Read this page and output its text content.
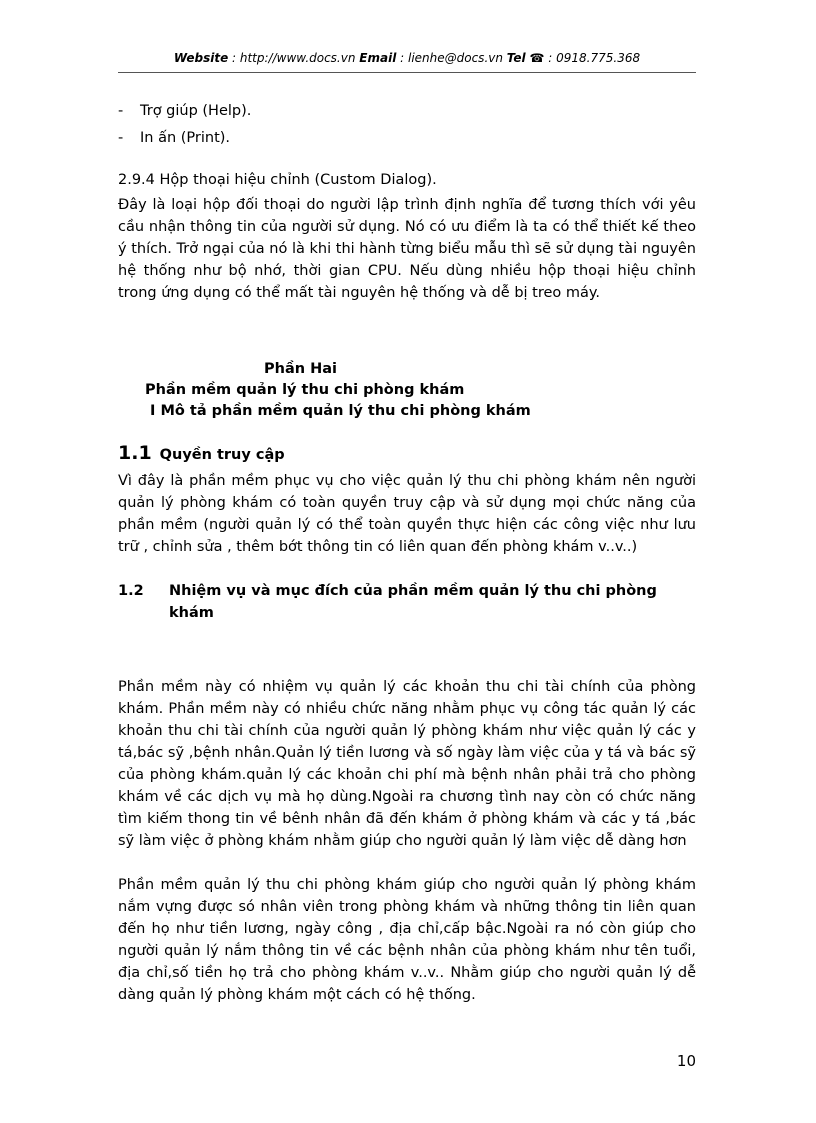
Website : http://www.docs.vn Email : lienhe@docs.vn Tel ☎ : 0918.775.368
-	Trợ giúp (Help).
-	In ấn (Print).

2.9.4 Hộp thoại hiệu chỉnh (Custom Dialog).

Đây là loại hộp đối thoại do người lập trình định nghĩa để tương thích với yêu cầu nhận thông tin của người sử dụng. Nó có ưu điểm là ta có thể thiết kế theo ý thích. Trở ngại của nó là khi thi hành từng biểu mẫu thì sẽ sử dụng tài nguyên hệ thống như bộ nhớ, thời gian CPU. Nếu dùng nhiều hộp thoại hiệu chỉnh trong ứng dụng có thể mất tài nguyên hệ thống và dễ bị treo máy.

Phần Hai

Phần mềm quản lý thu chi phòng khám

I Mô tả phần mềm quản lý thu chi phòng khám

1.1 Quyền truy cập

Vì đây là phần mềm phục vụ cho việc quản lý thu chi phòng khám nên người quản lý phòng khám có toàn quyền truy cập và sử dụng mọi chức năng của phần mềm (người quản lý có thể toàn quyền thực hiện các công việc như lưu trữ , chỉnh sửa , thêm bớt thông tin có liên quan đến phòng khám v..v..)

1.2	Nhiệm vụ và mục đích của phần mềm quản lý thu chi phòng khám

Phần mềm này có nhiệm vụ quản lý các khoản thu chi tài chính của phòng khám. Phần mềm này có nhiều chức năng nhằm phục vụ công tác quản lý các khoản thu chi tài chính của người quản lý phòng khám như việc quản lý các y tá,bác sỹ ,bệnh nhân.Quản lý tiền lương và số ngày làm việc của y tá và bác sỹ của phòng khám.quản lý các khoản chi phí mà bệnh nhân phải trả cho phòng khám về các dịch vụ mà họ dùng.Ngoài ra chương tình nay còn có chức năng tìm kiếm thong tin về bênh nhân đã đến khám ở phòng khám và các y tá ,bác sỹ làm việc ở phòng khám nhằm giúp cho người quản lý làm việc dễ dàng hơn

Phần mềm quản lý thu chi phòng khám giúp cho người quản lý phòng khám nắm vựng được só nhân viên trong phòng khám và những thông tin liên quan đến họ như tiền lương, ngày công , địa chỉ,cấp bậc.Ngoài ra nó còn giúp cho người quản lý nắm thông tin về các bệnh nhân của phòng khám như tên tuổi, địa chỉ,số tiền họ trả cho phòng khám v..v.. Nhằm giúp cho người quản lý dễ dàng quản lý phòng khám một cách có hệ thống.

10
